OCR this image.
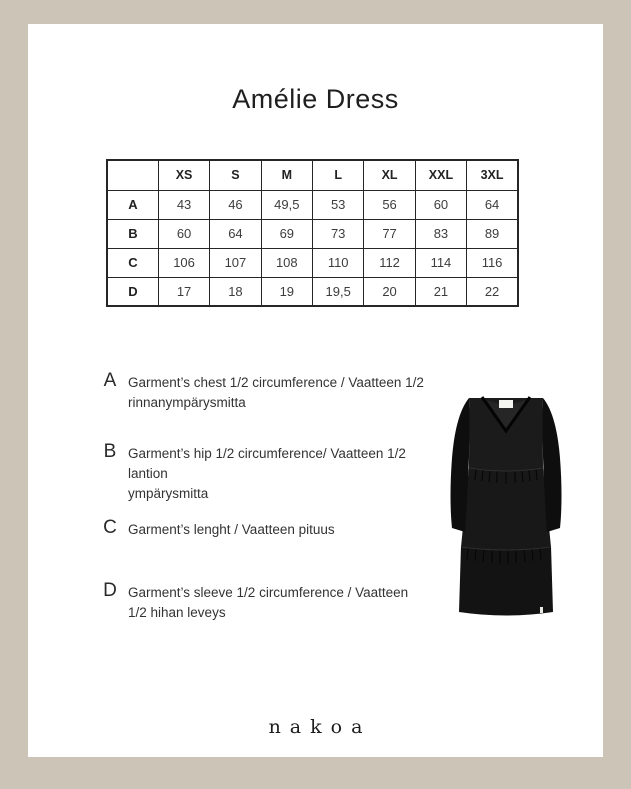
Amélie Dress
	XS	S	M	L	XL	XXL	3XL
A	43	46	49,5	53	56	60	64
B	60	64	69	73	77	83	89
C	106	107	108	110	112	114	116
D	17	18	19	19,5	20	21	22
A Garment’s chest 1/2 circumference / Vaatteen 1/2
rinnanympärysmitta
B Garment’s hip 1/2 circumference/ Vaatteen 1/2 lantion
ympärysmitta
C Garment’s lenght / Vaatteen pituus
D Garment’s sleeve 1/2 circumference / Vaatteen
1/2 hihan leveys
nakoa
